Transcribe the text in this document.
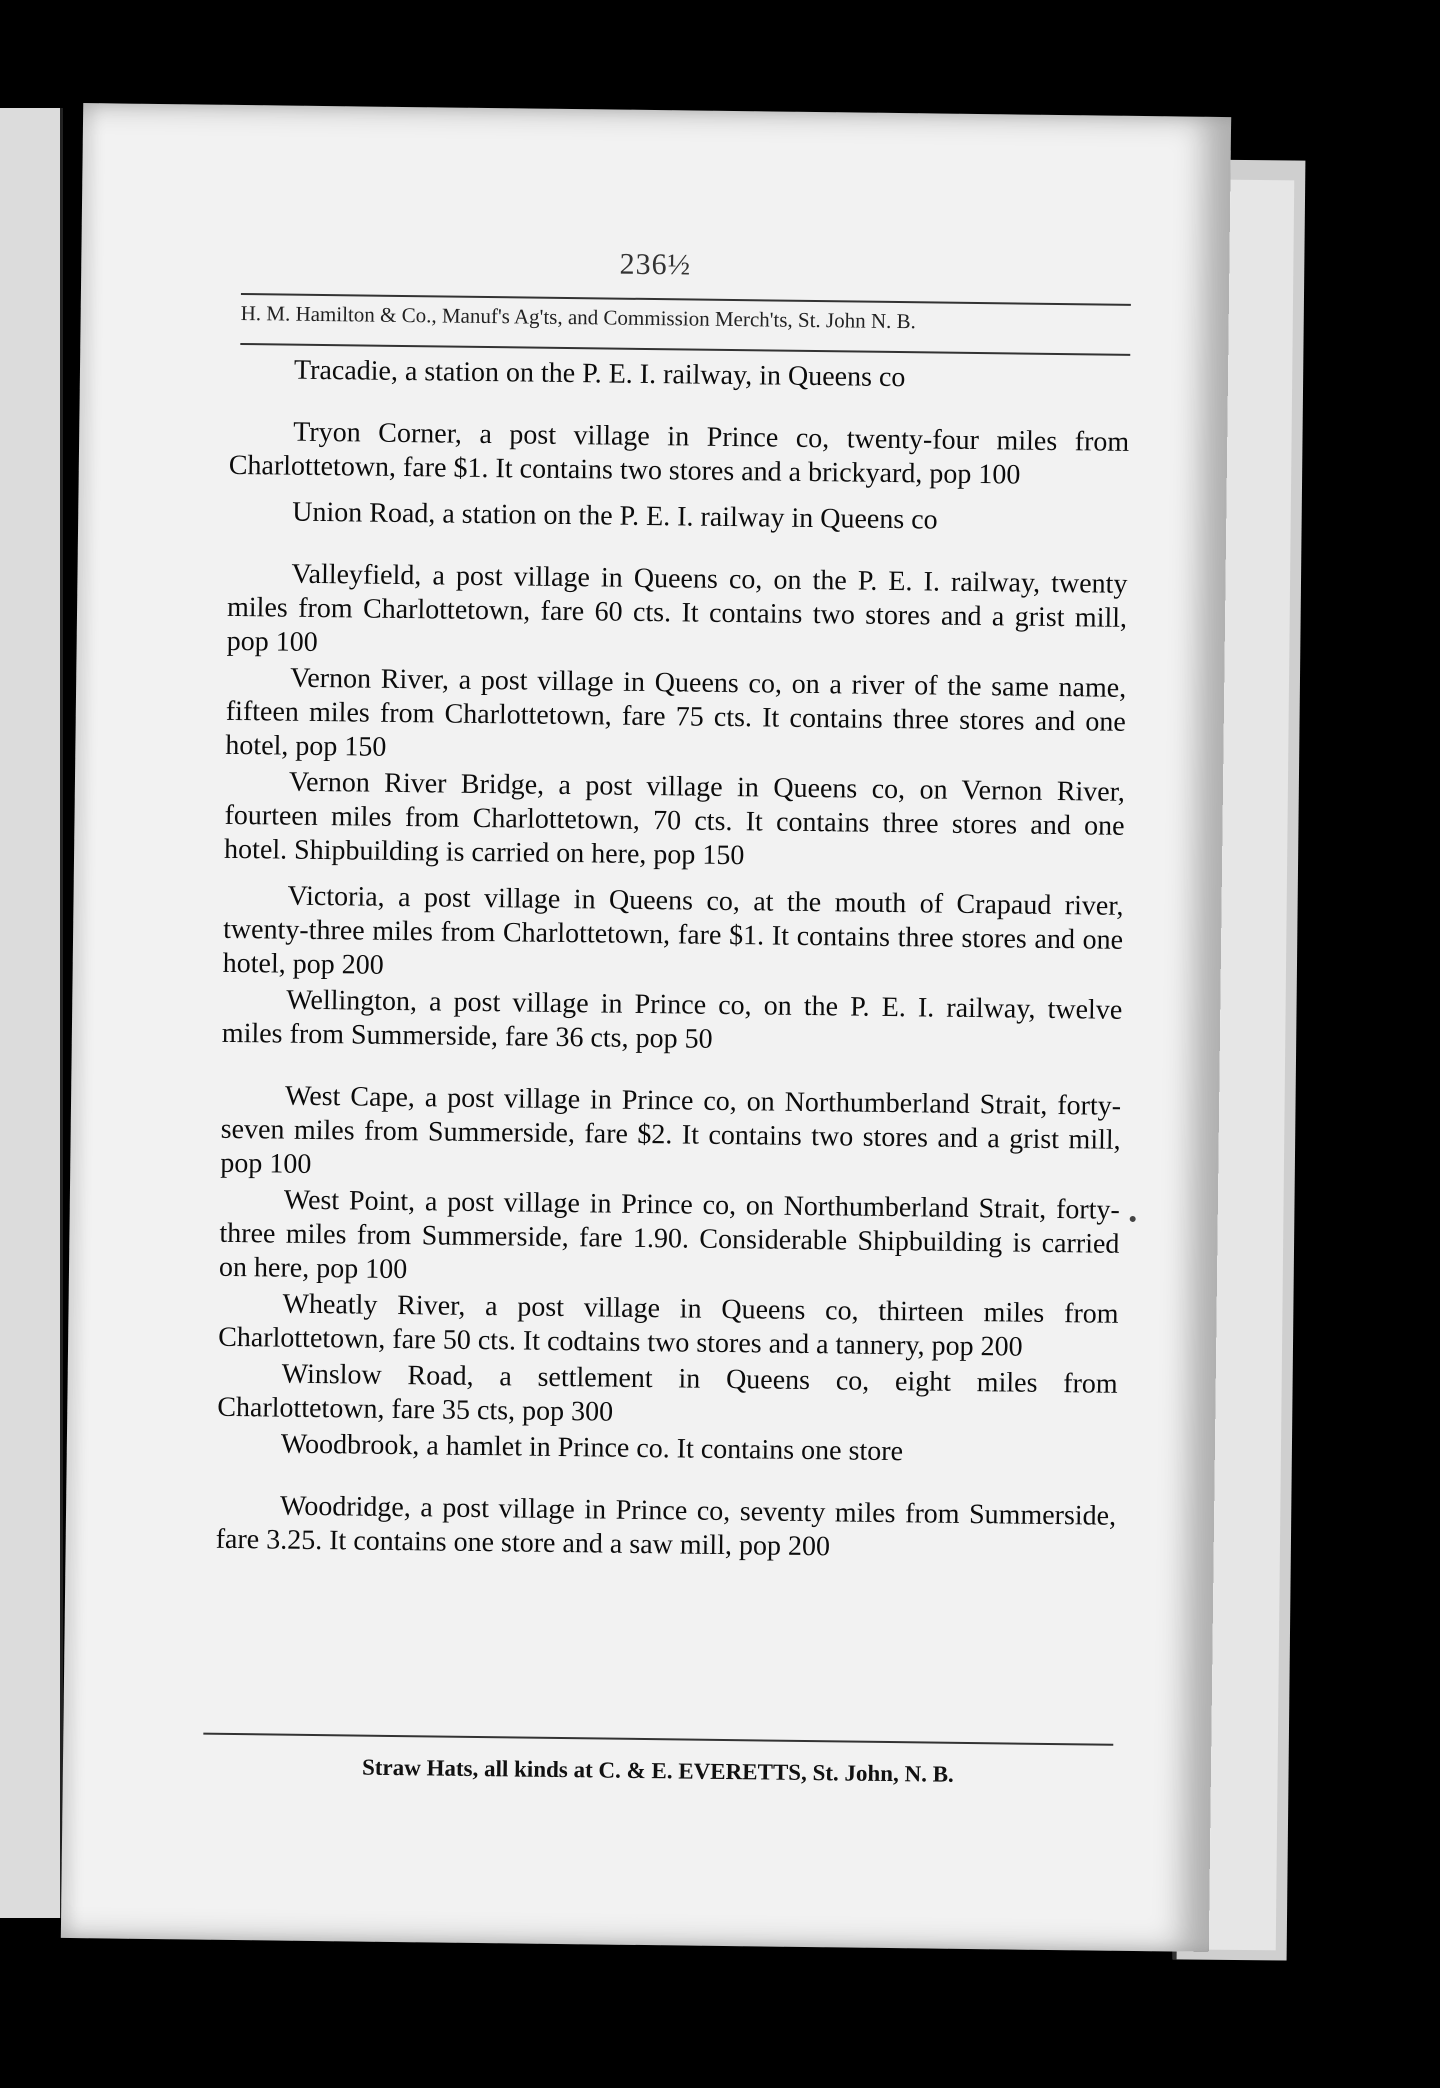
236½
H. M. Hamilton & Co., Manuf's Ag'ts, and Commission Merch'ts, St. John N. B.

Tracadie, a station on the P. E. I. railway, in Queens co

Tryon Corner, a post village in Prince co, twenty-four miles from Charlottetown, fare $1. It contains two stores and a brickyard, pop 100

Union Road, a station on the P. E. I. railway in Queens co

Valleyfield, a post village in Queens co, on the P. E. I. railway, twenty miles from Charlottetown, fare 60 cts. It contains two stores and a grist mill, pop 100

Vernon River, a post village in Queens co, on a river of the same name, fifteen miles from Charlottetown, fare 75 cts. It contains three stores and one hotel, pop 150

Vernon River Bridge, a post village in Queens co, on Vernon River, fourteen miles from Charlottetown, 70 cts. It contains three stores and one hotel. Shipbuilding is carried on here, pop 150

Victoria, a post village in Queens co, at the mouth of Crapaud river, twenty-three miles from Charlottetown, fare $1. It contains three stores and one hotel, pop 200

Wellington, a post village in Prince co, on the P. E. I. railway, twelve miles from Summerside, fare 36 cts, pop 50

West Cape, a post village in Prince co, on Northumberland Strait, forty-seven miles from Summerside, fare $2. It contains two stores and a grist mill, pop 100

West Point, a post village in Prince co, on Northumberland Strait, forty-three miles from Summerside, fare 1.90. Considerable Shipbuilding is carried on here, pop 100

Wheatly River, a post village in Queens co, thirteen miles from Charlottetown, fare 50 cts. It codtains two stores and a tannery, pop 200

Winslow Road, a settlement in Queens co, eight miles from Charlottetown, fare 35 cts, pop 300

Woodbrook, a hamlet in Prince co. It contains one store

Woodridge, a post village in Prince co, seventy miles from Summerside, fare 3.25. It contains one store and a saw mill, pop 200

Straw Hats, all kinds at C. & E. EVERETTS, St. John, N. B.
